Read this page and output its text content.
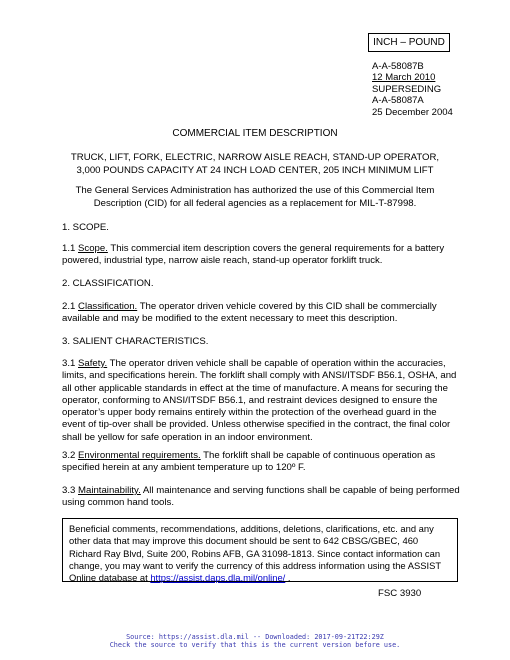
INCH – POUND
A-A-58087B
12 March 2010
SUPERSEDING
A-A-58087A
25 December 2004
COMMERCIAL ITEM DESCRIPTION
TRUCK, LIFT, FORK, ELECTRIC, NARROW AISLE REACH, STAND-UP OPERATOR,
3,000 POUNDS CAPACITY AT 24 INCH LOAD CENTER, 205 INCH MINIMUM LIFT
The General Services Administration has authorized the use of this Commercial Item Description (CID) for all federal agencies as a replacement for MIL-T-87998.
1. SCOPE.

1.1 Scope. This commercial item description covers the general requirements for a battery powered, industrial type, narrow aisle reach, stand-up operator forklift truck.

2. CLASSIFICATION.

2.1 Classification. The operator driven vehicle covered by this CID shall be commercially available and may be modified to the extent necessary to meet this description.

3. SALIENT CHARACTERISTICS.

3.1 Safety. The operator driven vehicle shall be capable of operation within the accuracies, limits, and specifications herein. The forklift shall comply with ANSI/ITSDF B56.1, OSHA, and all other applicable standards in effect at the time of manufacture. A means for securing the operator, conforming to ANSI/ITSDF B56.1, and restraint devices designed to ensure the operator’s upper body remains entirely within the protection of the overhead guard in the event of tip-over shall be provided. Unless otherwise specified in the contract, the final color shall be yellow for safe operation in an indoor environment.

3.2 Environmental requirements. The forklift shall be capable of continuous operation as specified herein at any ambient temperature up to 120º F.

3.3 Maintainability. All maintenance and serving functions shall be capable of being performed using common hand tools.

Beneficial comments, recommendations, additions, deletions, clarifications, etc. and any other data that may improve this document should be sent to 642 CBSG/GBEC, 460 Richard Ray Blvd, Suite 200, Robins AFB, GA 31098-1813. Since contact information can change, you may want to verify the currency of this address information using the ASSIST Online database at https://assist.daps.dla.mil/online/ .
FSC 3930
Source: https://assist.dla.mil -- Downloaded: 2017-09-21T22:29Z
Check the source to verify that this is the current version before use.
